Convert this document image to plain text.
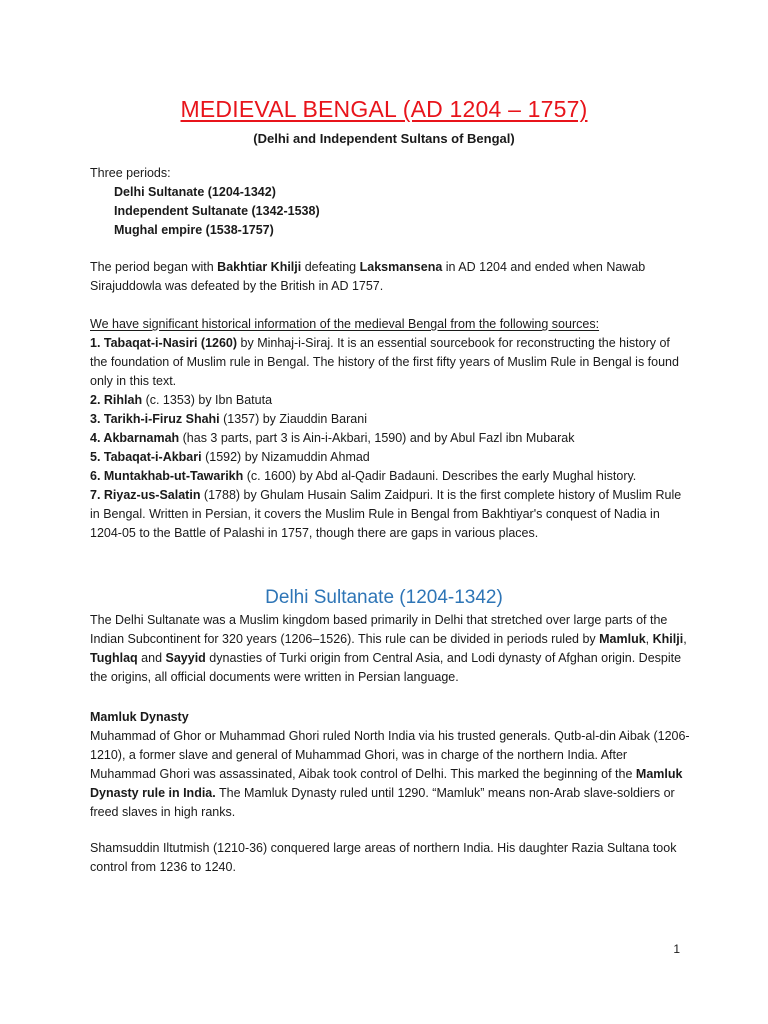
MEDIEVAL BENGAL (AD 1204 – 1757)
(Delhi and Independent Sultans of Bengal)
Three periods:
Delhi Sultanate (1204-1342)
Independent Sultanate (1342-1538)
Mughal empire (1538-1757)
The period began with Bakhtiar Khilji defeating Laksmansena in AD 1204 and ended when Nawab Sirajuddowla was defeated by the British in AD 1757.
We have significant historical information of the medieval Bengal from the following sources:
1. Tabaqat-i-Nasiri (1260) by Minhaj-i-Siraj. It is an essential sourcebook for reconstructing the history of the foundation of Muslim rule in Bengal. The history of the first fifty years of Muslim Rule in Bengal is found only in this text.
2. Rihlah (c. 1353) by Ibn Batuta
3. Tarikh-i-Firuz Shahi (1357) by Ziauddin Barani
4. Akbarnamah (has 3 parts, part 3 is Ain-i-Akbari, 1590) and by Abul Fazl ibn Mubarak
5. Tabaqat-i-Akbari (1592) by Nizamuddin Ahmad
6. Muntakhab-ut-Tawarikh (c. 1600) by Abd al-Qadir Badauni. Describes the early Mughal history.
7. Riyaz-us-Salatin (1788) by Ghulam Husain Salim Zaidpuri. It is the first complete history of Muslim Rule in Bengal. Written in Persian, it covers the Muslim Rule in Bengal from Bakhtiyar's conquest of Nadia in 1204-05 to the Battle of Palashi in 1757, though there are gaps in various places.
Delhi Sultanate (1204-1342)
The Delhi Sultanate was a Muslim kingdom based primarily in Delhi that stretched over large parts of the Indian Subcontinent for 320 years (1206–1526). This rule can be divided in periods ruled by Mamluk, Khilji, Tughlaq and Sayyid dynasties of Turki origin from Central Asia, and Lodi dynasty of Afghan origin. Despite the origins, all official documents were written in Persian language.
Mamluk Dynasty
Muhammad of Ghor or Muhammad Ghori ruled North India via his trusted generals. Qutb-al-din Aibak (1206-1210), a former slave and general of Muhammad Ghori, was in charge of the northern India. After Muhammad Ghori was assassinated, Aibak took control of Delhi. This marked the beginning of the Mamluk Dynasty rule in India. The Mamluk Dynasty ruled until 1290. “Mamluk” means non-Arab slave-soldiers or freed slaves in high ranks.
Shamsuddin Iltutmish (1210-36) conquered large areas of northern India. His daughter Razia Sultana took control from 1236 to 1240.
1
